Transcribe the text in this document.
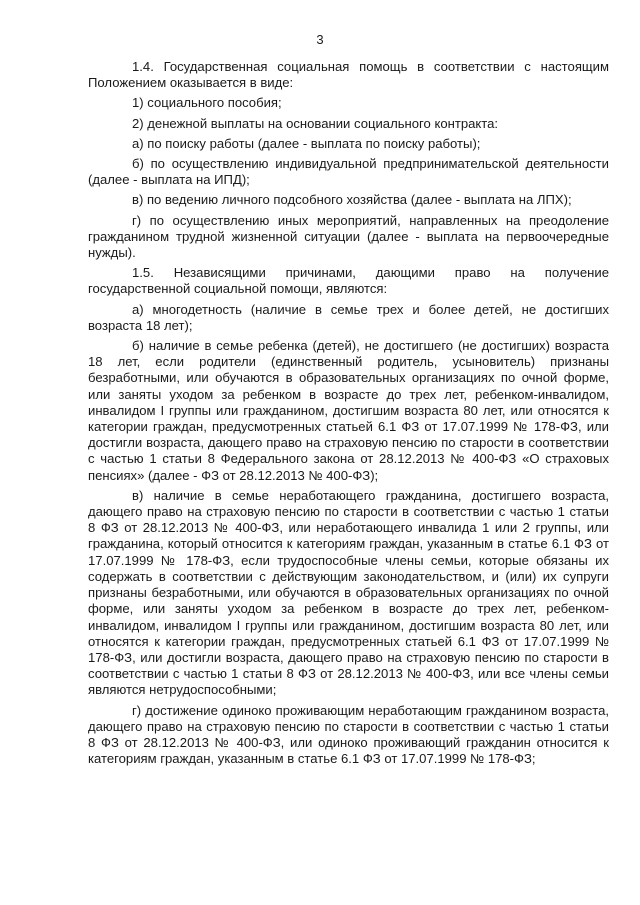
3

1.4. Государственная социальная помощь в соответствии с настоящим Положением оказывается в виде:

1) социального пособия;

2) денежной выплаты на основании социального контракта:

а) по поиску работы (далее - выплата по поиску работы);

б) по осуществлению индивидуальной предпринимательской деятельности (далее - выплата на ИПД);

в) по ведению личного подсобного хозяйства (далее - выплата на ЛПХ);

г) по осуществлению иных мероприятий, направленных на преодоление гражданином трудной жизненной ситуации (далее - выплата на первоочередные нужды).

1.5. Независящими причинами, дающими право на получение государственной социальной помощи, являются:

а) многодетность (наличие в семье трех и более детей, не достигших возраста 18 лет);

б) наличие в семье ребенка (детей), не достигшего (не достигших) возраста 18 лет, если родители (единственный родитель, усыновитель) признаны безработными, или обучаются в образовательных организациях по очной форме, или заняты уходом за ребенком в возрасте до трех лет, ребенком-инвалидом, инвалидом I группы или гражданином, достигшим возраста 80 лет, или относятся к категории граждан, предусмотренных статьей 6.1 ФЗ от 17.07.1999 № 178-ФЗ, или достигли возраста, дающего право на страховую пенсию по старости в соответствии с частью 1 статьи 8 Федерального закона от 28.12.2013 № 400-ФЗ «О страховых пенсиях» (далее - ФЗ от 28.12.2013 № 400-ФЗ);

в) наличие в семье неработающего гражданина, достигшего возраста, дающего право на страховую пенсию по старости в соответствии с частью 1 статьи 8 ФЗ от 28.12.2013 № 400-ФЗ, или неработающего инвалида 1 или 2 группы, или гражданина, который относится к категориям граждан, указанным в статье 6.1 ФЗ от 17.07.1999 № 178-ФЗ, если трудоспособные члены семьи, которые обязаны их содержать в соответствии с действующим законодательством, и (или) их супруги признаны безработными, или обучаются в образовательных организациях по очной форме, или заняты уходом за ребенком в возрасте до трех лет, ребенком-инвалидом, инвалидом I группы или гражданином, достигшим возраста 80 лет, или относятся к категории граждан, предусмотренных статьей 6.1 ФЗ от 17.07.1999 № 178-ФЗ, или достигли возраста, дающего право на страховую пенсию по старости в соответствии с частью 1 статьи 8 ФЗ от 28.12.2013 № 400-ФЗ, или все члены семьи являются нетрудоспособными;

г) достижение одиноко проживающим неработающим гражданином возраста, дающего право на страховую пенсию по старости в соответствии с частью 1 статьи 8 ФЗ от 28.12.2013 № 400-ФЗ, или одиноко проживающий гражданин относится к категориям граждан, указанным в статье 6.1 ФЗ от 17.07.1999 № 178-ФЗ;
